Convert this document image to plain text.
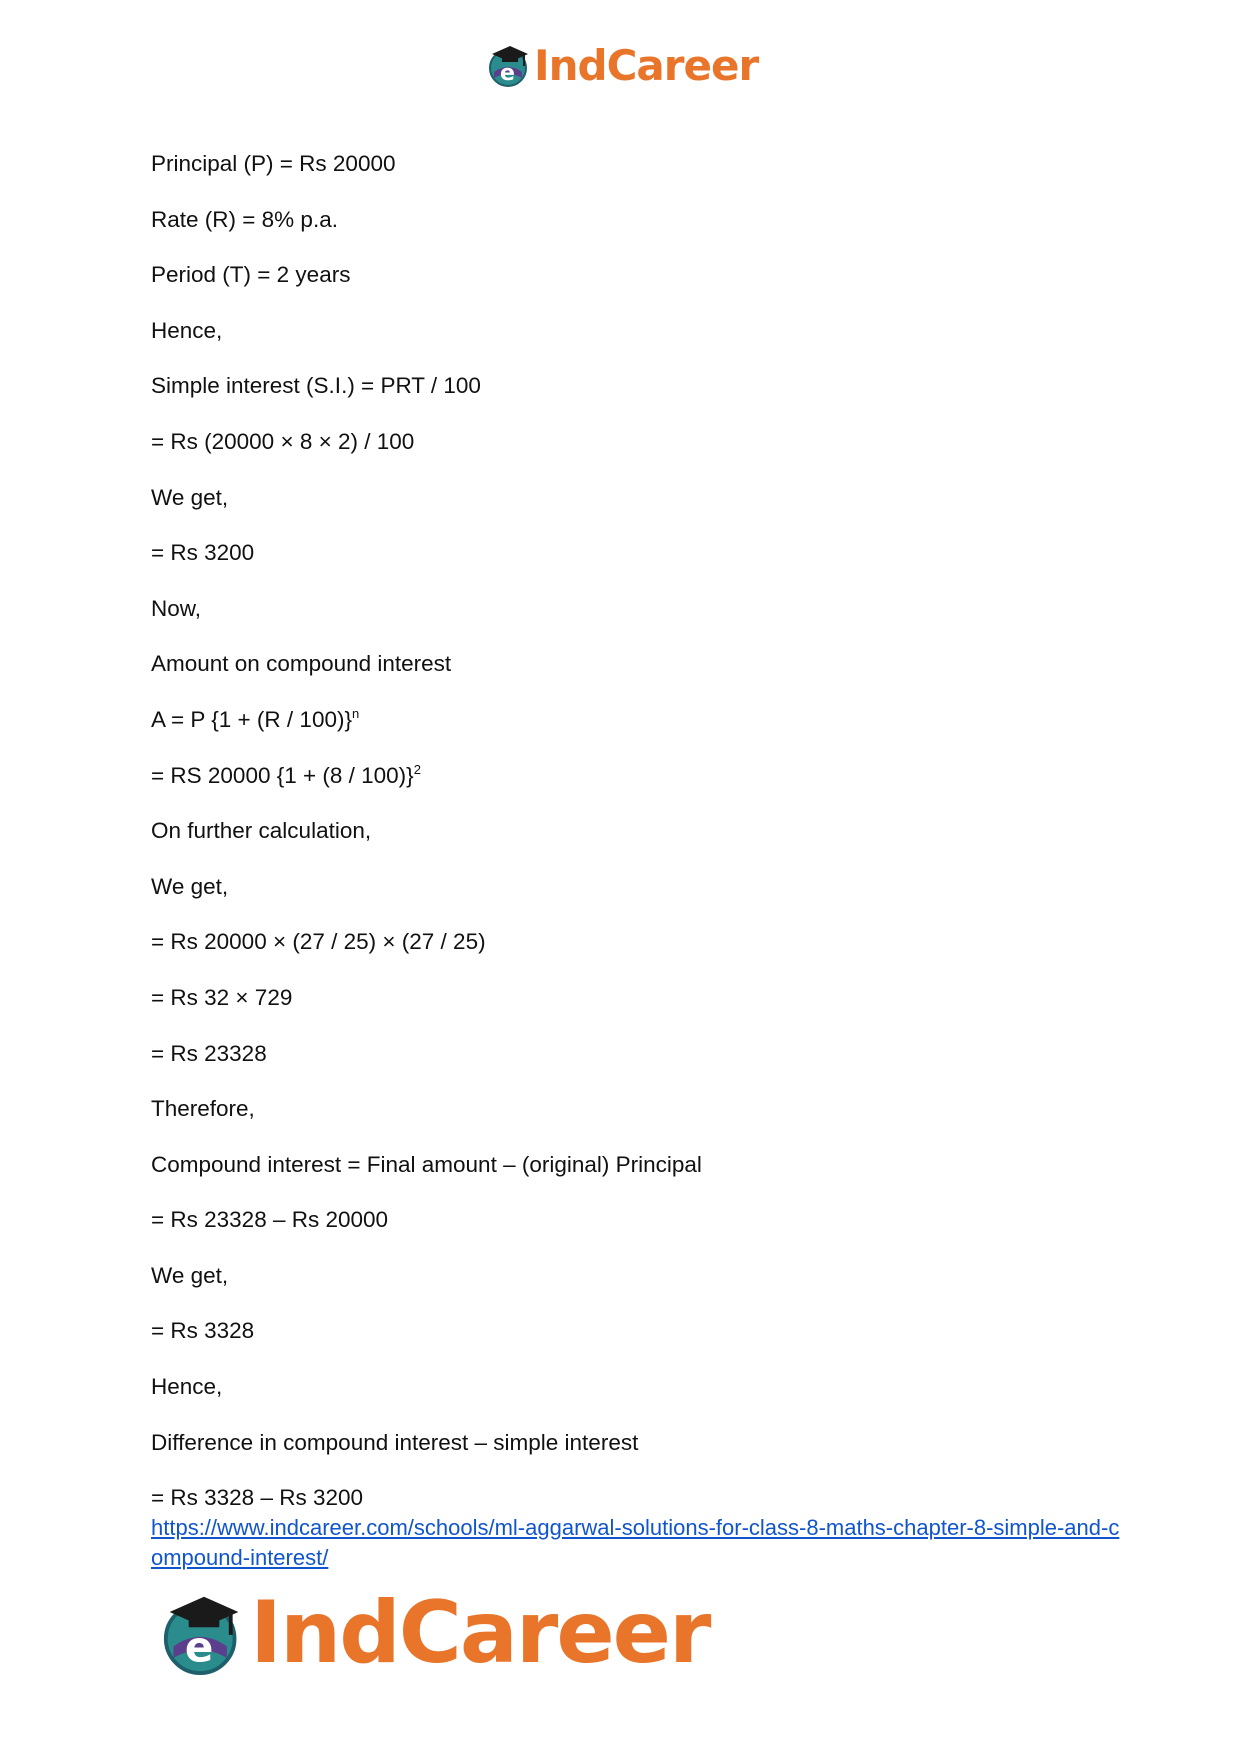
e IndCareer
Principal (P) = Rs 20000
Rate (R) = 8% p.a.
Period (T) = 2 years
Hence,
Simple interest (S.I.) = PRT / 100
= Rs (20000 × 8 × 2) / 100
We get,
= Rs 3200
Now,
Amount on compound interest
A = P $\{1 + (R / 100)\}^n$
= RS 20000 $\{1 + (8 / 100)\}^2$
On further calculation,
We get,
= Rs 20000 × (27 / 25) × (27 / 25)
= Rs 32 × 729
= Rs 23328
Therefore,
Compound interest = Final amount – (original) Principal
= Rs 23328 – Rs 20000
We get,
= Rs 3328
Hence,
Difference in compound interest – simple interest
= Rs 3328 – Rs 3200
https://www.indcareer.com/schools/ml-aggarwal-solutions-for-class-8-maths-chapter-8-simple-and-compound-interest/
e IndCareer
